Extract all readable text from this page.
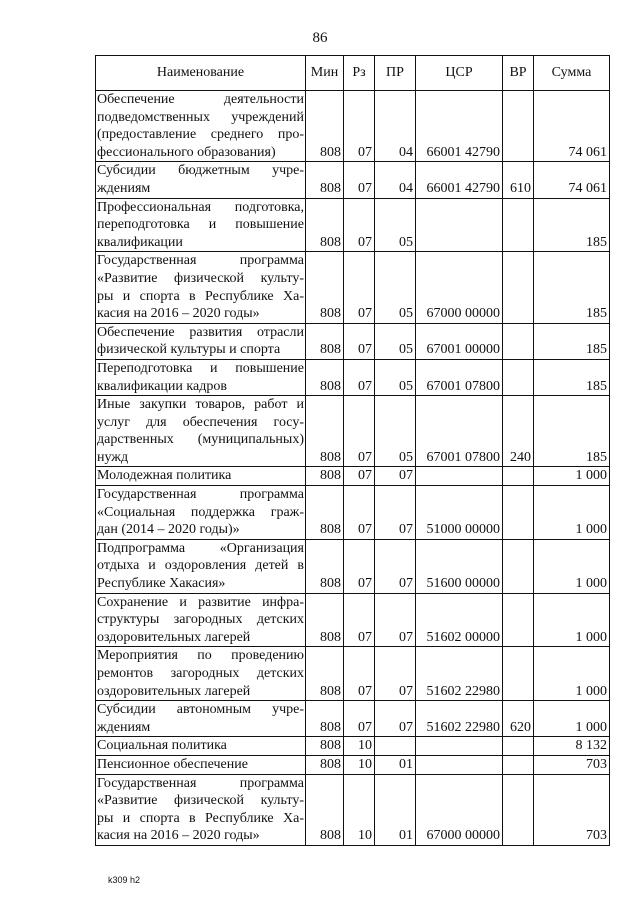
86
Наименование	Мин	Рз	ПР	ЦСР	ВР	Сумма

Обеспечение деятельности
подведомственных учреждений
(предоставление среднего про-
фессионального образования)	808	07	04	66001 42790		74 061

Субсидии бюджетным учре-
ждениям	808	07	04	66001 42790	610	74 061

Профессиональная подготовка,
переподготовка и повышение
квалификации	808	07	05			185

Государственная программа
«Развитие физической культу-
ры и спорта в Республике Ха-
касия на 2016 – 2020 годы»	808	07	05	67000 00000		185

Обеспечение развития отрасли
физической культуры и спорта	808	07	05	67001 00000		185

Переподготовка и повышение
квалификации кадров	808	07	05	67001 07800		185

Иные закупки товаров, работ и
услуг для обеспечения госу-
дарственных (муниципальных)
нужд	808	07	05	67001 07800	240	185

Молодежная политика	808	07	07			1 000

Государственная программа
«Социальная поддержка граж-
дан (2014 – 2020 годы)»	808	07	07	51000 00000		1 000

Подпрограмма «Организация
отдыха и оздоровления детей в
Республике Хакасия»	808	07	07	51600 00000		1 000

Сохранение и развитие инфра-
структуры загородных детских
оздоровительных лагерей	808	07	07	51602 00000		1 000

Мероприятия по проведению
ремонтов загородных детских
оздоровительных лагерей	808	07	07	51602 22980		1 000

Субсидии автономным учре-
ждениям	808	07	07	51602 22980	620	1 000

Социальная политика	808	10				8 132

Пенсионное обеспечение	808	10	01			703

Государственная программа
«Развитие физической культу-
ры и спорта в Республике Ха-
касия на 2016 – 2020 годы»	808	10	01	67000 00000		703
k309 h2
